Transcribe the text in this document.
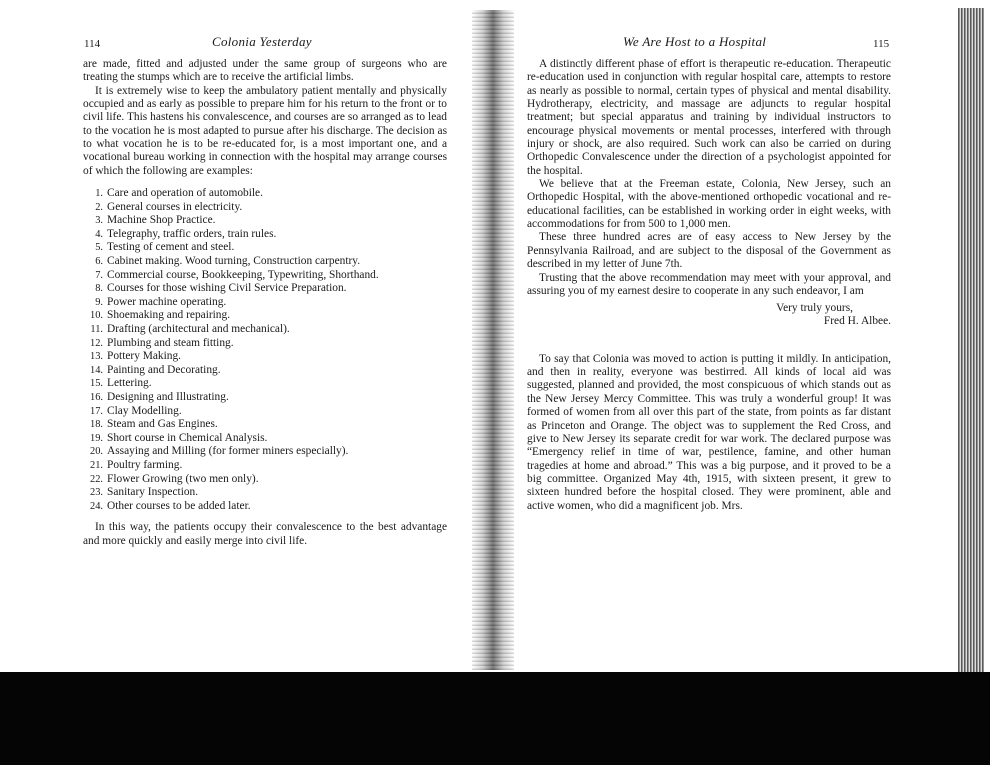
114	Colonia Yesterday	We Are Host to a Hospital	115

are made, fitted and adjusted under the same group of surgeons who are treating the stumps which are to receive the artificial limbs.

It is extremely wise to keep the ambulatory patient mentally and physically occupied and as early as possible to prepare him for his return to the front or to civil life. This hastens his convalescence, and courses are so arranged as to lead to the vocation he is most adapted to pursue after his discharge. The decision as to what vocation he is to be re-educated for, is a most important one, and a vocational bureau working in connection with the hospital may arrange courses of which the following are examples:

1. Care and operation of automobile.
2. General courses in electricity.
3. Machine Shop Practice.
4. Telegraphy, traffic orders, train rules.
5. Testing of cement and steel.
6. Cabinet making. Wood turning, Construction carpentry.
7. Commercial course, Bookkeeping, Typewriting, Shorthand.
8. Courses for those wishing Civil Service Preparation.
9. Power machine operating.
10. Shoemaking and repairing.
11. Drafting (architectural and mechanical).
12. Plumbing and steam fitting.
13. Pottery Making.
14. Painting and Decorating.
15. Lettering.
16. Designing and Illustrating.
17. Clay Modelling.
18. Steam and Gas Engines.
19. Short course in Chemical Analysis.
20. Assaying and Milling (for former miners especially).
21. Poultry farming.
22. Flower Growing (two men only).
23. Sanitary Inspection.
24. Other courses to be added later.

In this way, the patients occupy their convalescence to the best advantage and more quickly and easily merge into civil life.

A distinctly different phase of effort is therapeutic re-education. Therapeutic re-education used in conjunction with regular hospital care, attempts to restore as nearly as possible to normal, certain types of physical and mental disability. Hydrotherapy, electricity, and massage are adjuncts to regular hospital treatment; but special apparatus and training by individual instructors to encourage physical movements or mental processes, interfered with through injury or shock, are also required. Such work can also be carried on during Orthopedic Convalescence under the direction of a psychologist appointed for the hospital.

We believe that at the Freeman estate, Colonia, New Jersey, such an Orthopedic Hospital, with the above-mentioned orthopedic vocational and re-educational facilities, can be established in working order in eight weeks, with accommodations for from 500 to 1,000 men.

These three hundred acres are of easy access to New Jersey by the Pennsylvania Railroad, and are subject to the disposal of the Government as described in my letter of June 7th.

Trusting that the above recommendation may meet with your approval, and assuring you of my earnest desire to cooperate in any such endeavor, I am

Very truly yours,
Fred H. Albee.

To say that Colonia was moved to action is putting it mildly. In anticipation, and then in reality, everyone was bestirred. All kinds of local aid was suggested, planned and provided, the most conspicuous of which stands out as the New Jersey Mercy Committee. This was truly a wonderful group! It was formed of women from all over this part of the state, from points as far distant as Princeton and Orange. The object was to supplement the Red Cross, and give to New Jersey its separate credit for war work. The declared purpose was “Emergency relief in time of war, pestilence, famine, and other human tragedies at home and abroad.” This was a big purpose, and it proved to be a big committee. Organized May 4th, 1915, with sixteen present, it grew to sixteen hundred before the hospital closed. They were prominent, able and active women, who did a magnificent job. Mrs.
